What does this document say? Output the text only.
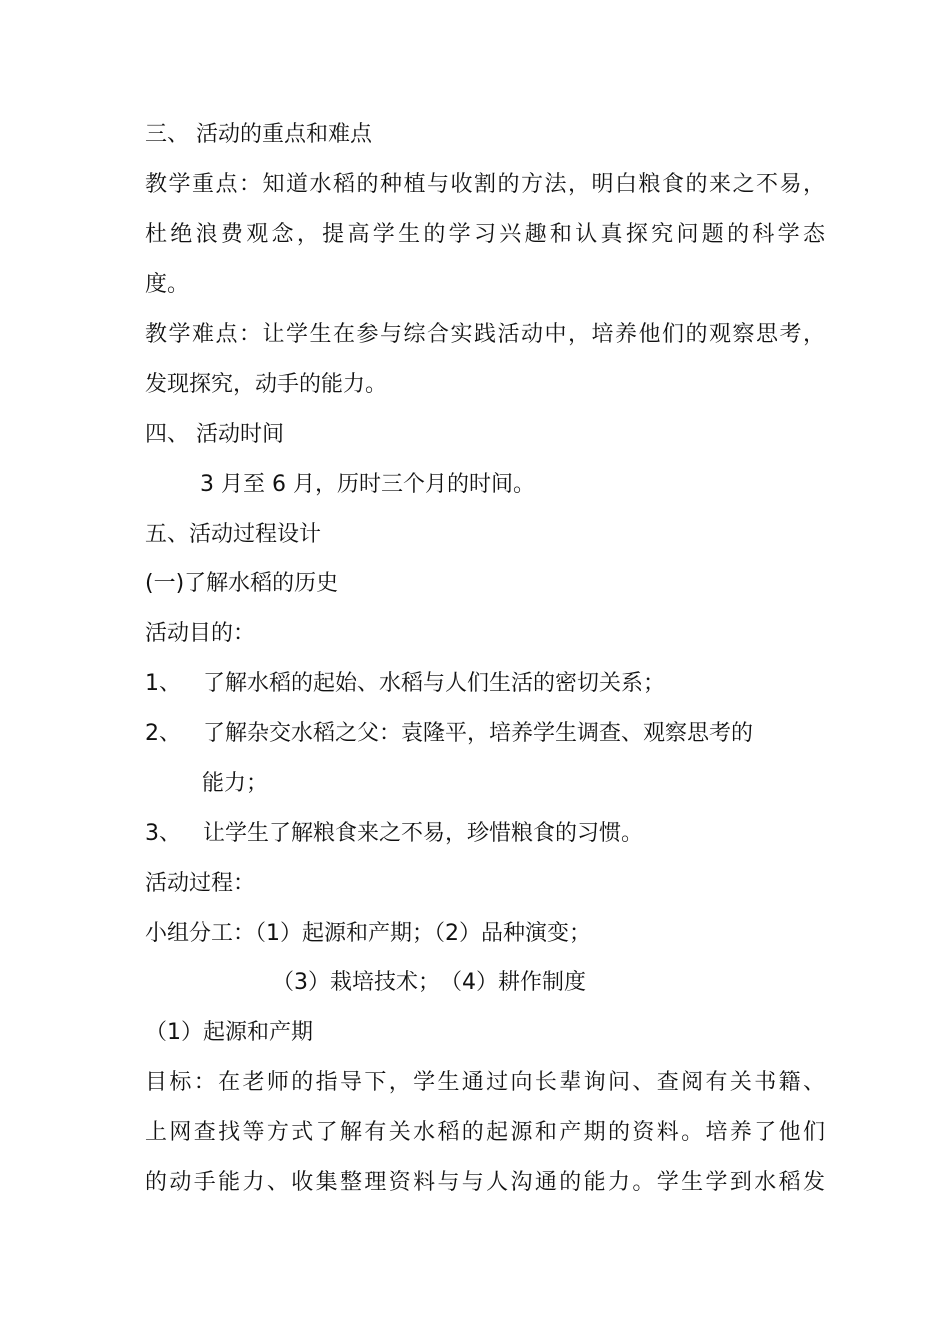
三、 活动的重点和难点
教学重点：知道水稻的种植与收割的方法，明白粮食的来之不易，
杜绝浪费观念，提高学生的学习兴趣和认真探究问题的科学态
度。
教学难点：让学生在参与综合实践活动中，培养他们的观察思考，
发现探究，动手的能力。
四、 活动时间
3 月至 6 月，历时三个月的时间。
五、活动过程设计
(一)了解水稻的历史
活动目的：
1、 了解水稻的起始、水稻与人们生活的密切关系；
2、 了解杂交水稻之父：袁隆平，培养学生调查、观察思考的
能力；
3、 让学生了解粮食来之不易，珍惜粮食的习惯。
活动过程：
小组分工：（1）起源和产期；（2）品种演变；
（3）栽培技术；　（4）耕作制度
（1）起源和产期
目标：在老师的指导下，学生通过向长辈询问、查阅有关书籍、
上网查找等方式了解有关水稻的起源和产期的资料。培养了他们
的动手能力、收集整理资料与与人沟通的能力。学生学到水稻发
